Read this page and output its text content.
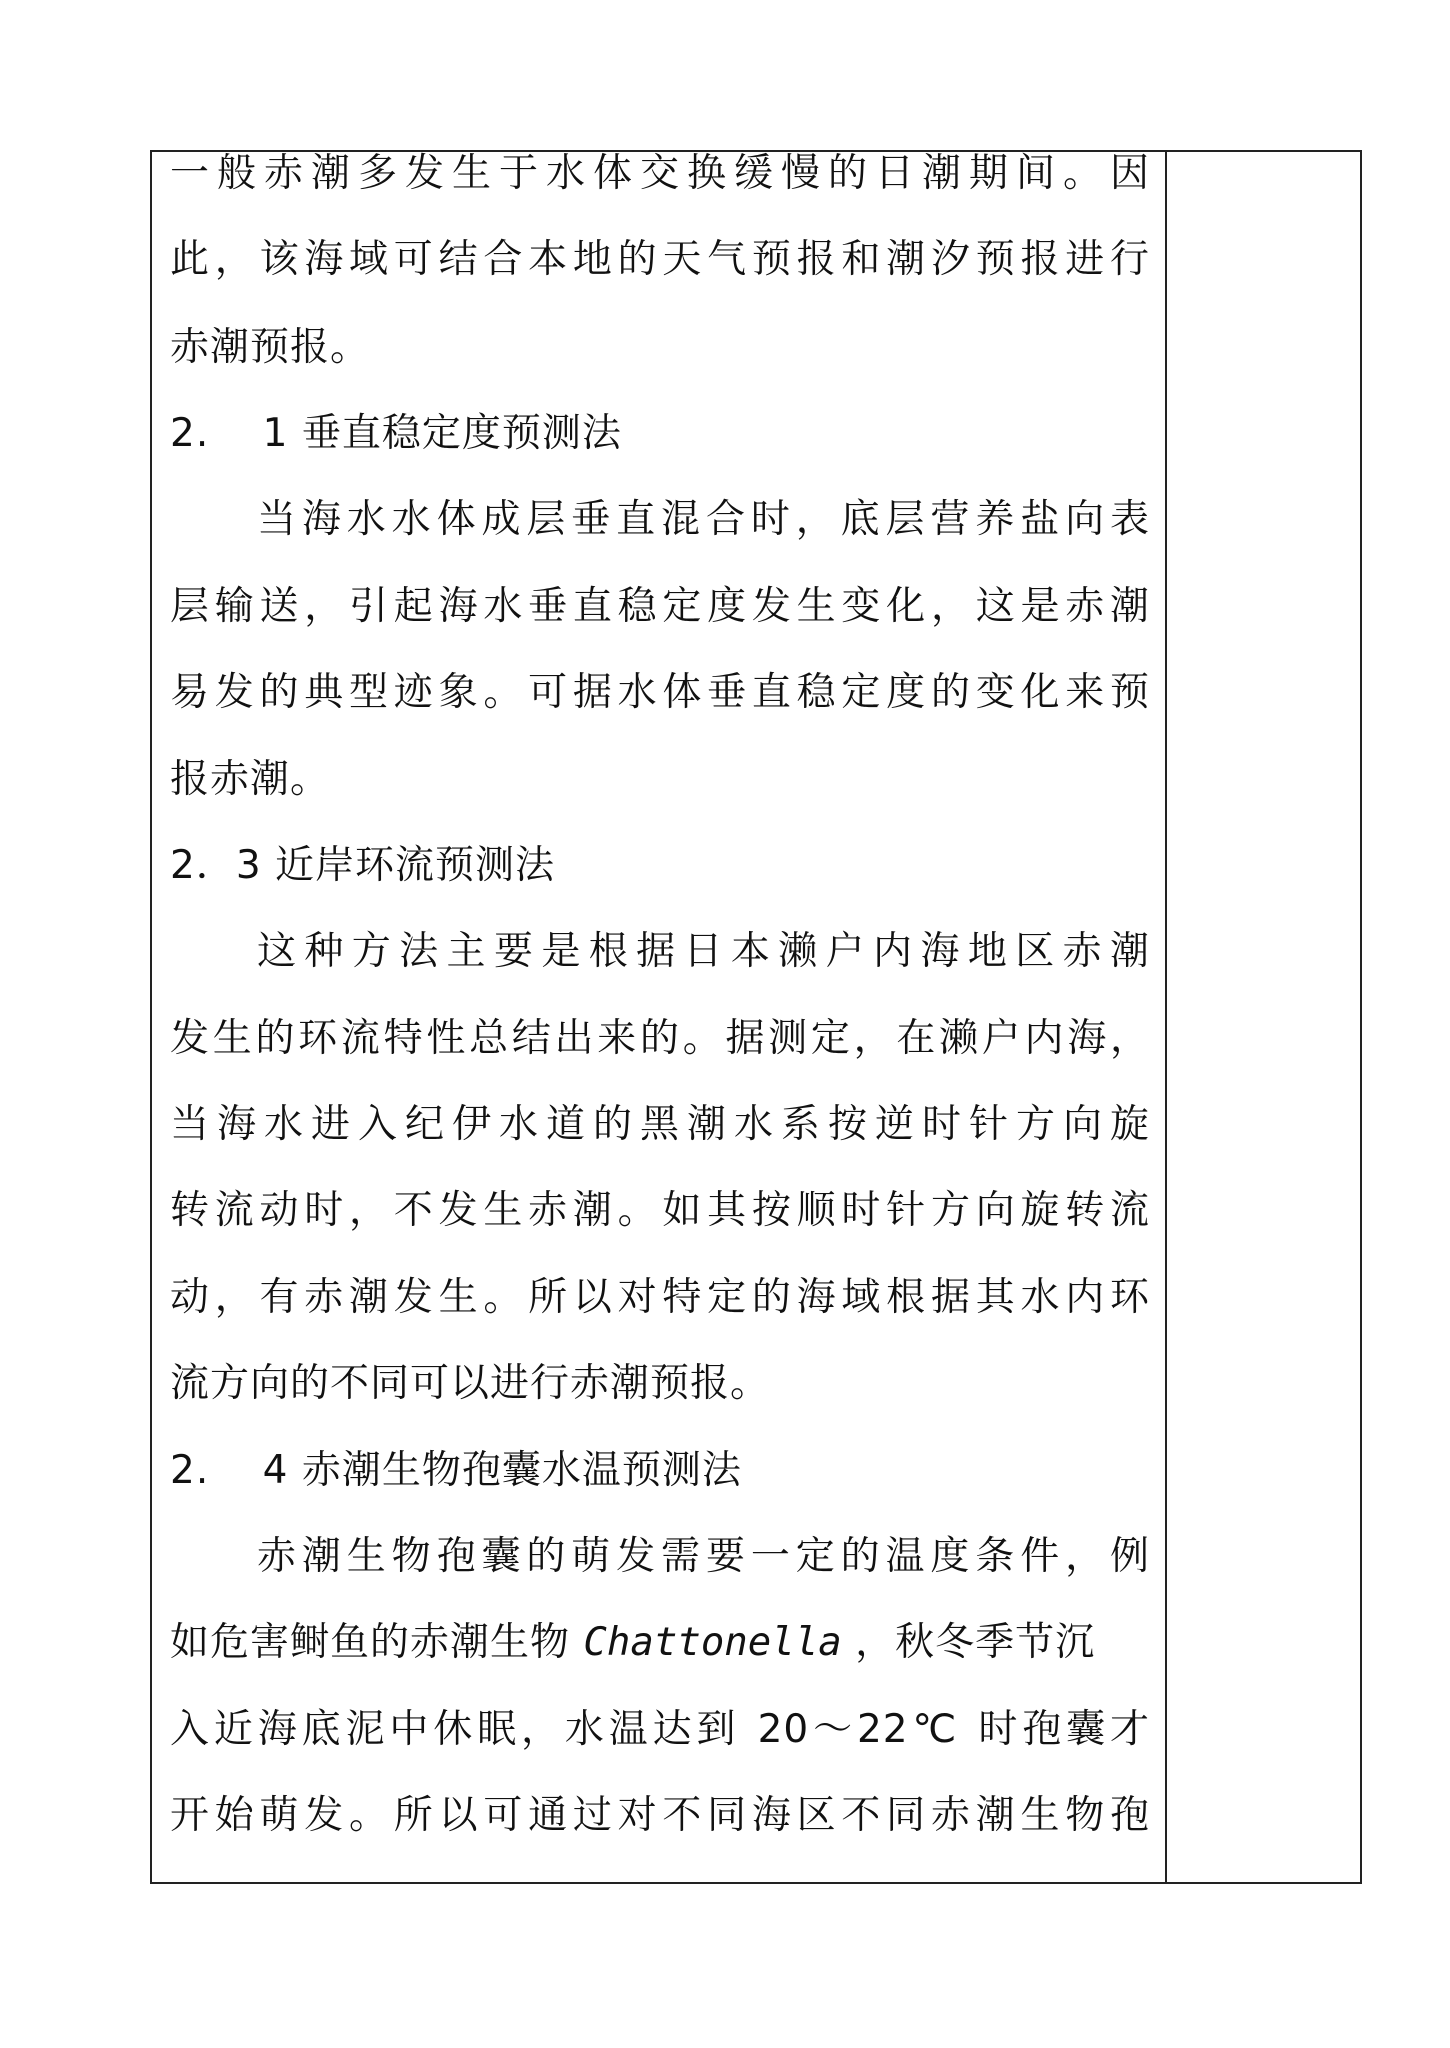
一般赤潮多发生于水体交换缓慢的日潮期间。因
此，该海域可结合本地的天气预报和潮汐预报进行
赤潮预报。
2.　 1 垂直稳定度预测法
当海水水体成层垂直混合时，底层营养盐向表
层输送，引起海水垂直稳定度发生变化，这是赤潮
易发的典型迹象。可据水体垂直稳定度的变化来预
报赤潮。
2．3 近岸环流预测法
这种方法主要是根据日本濑户内海地区赤潮
发生的环流特性总结出来的。据测定，在濑户内海，
当海水进入纪伊水道的黑潮水系按逆时针方向旋
转流动时，不发生赤潮。如其按顺时针方向旋转流
动，有赤潮发生。所以对特定的海域根据其水内环
流方向的不同可以进行赤潮预报。
2.　 4 赤潮生物孢囊水温预测法
赤潮生物孢囊的萌发需要一定的温度条件，例
如危害鲥鱼的赤潮生物 Chattonella ，秋冬季节沉
入近海底泥中休眠，水温达到 20～22℃ 时孢囊才
开始萌发。所以可通过对不同海区不同赤潮生物孢
